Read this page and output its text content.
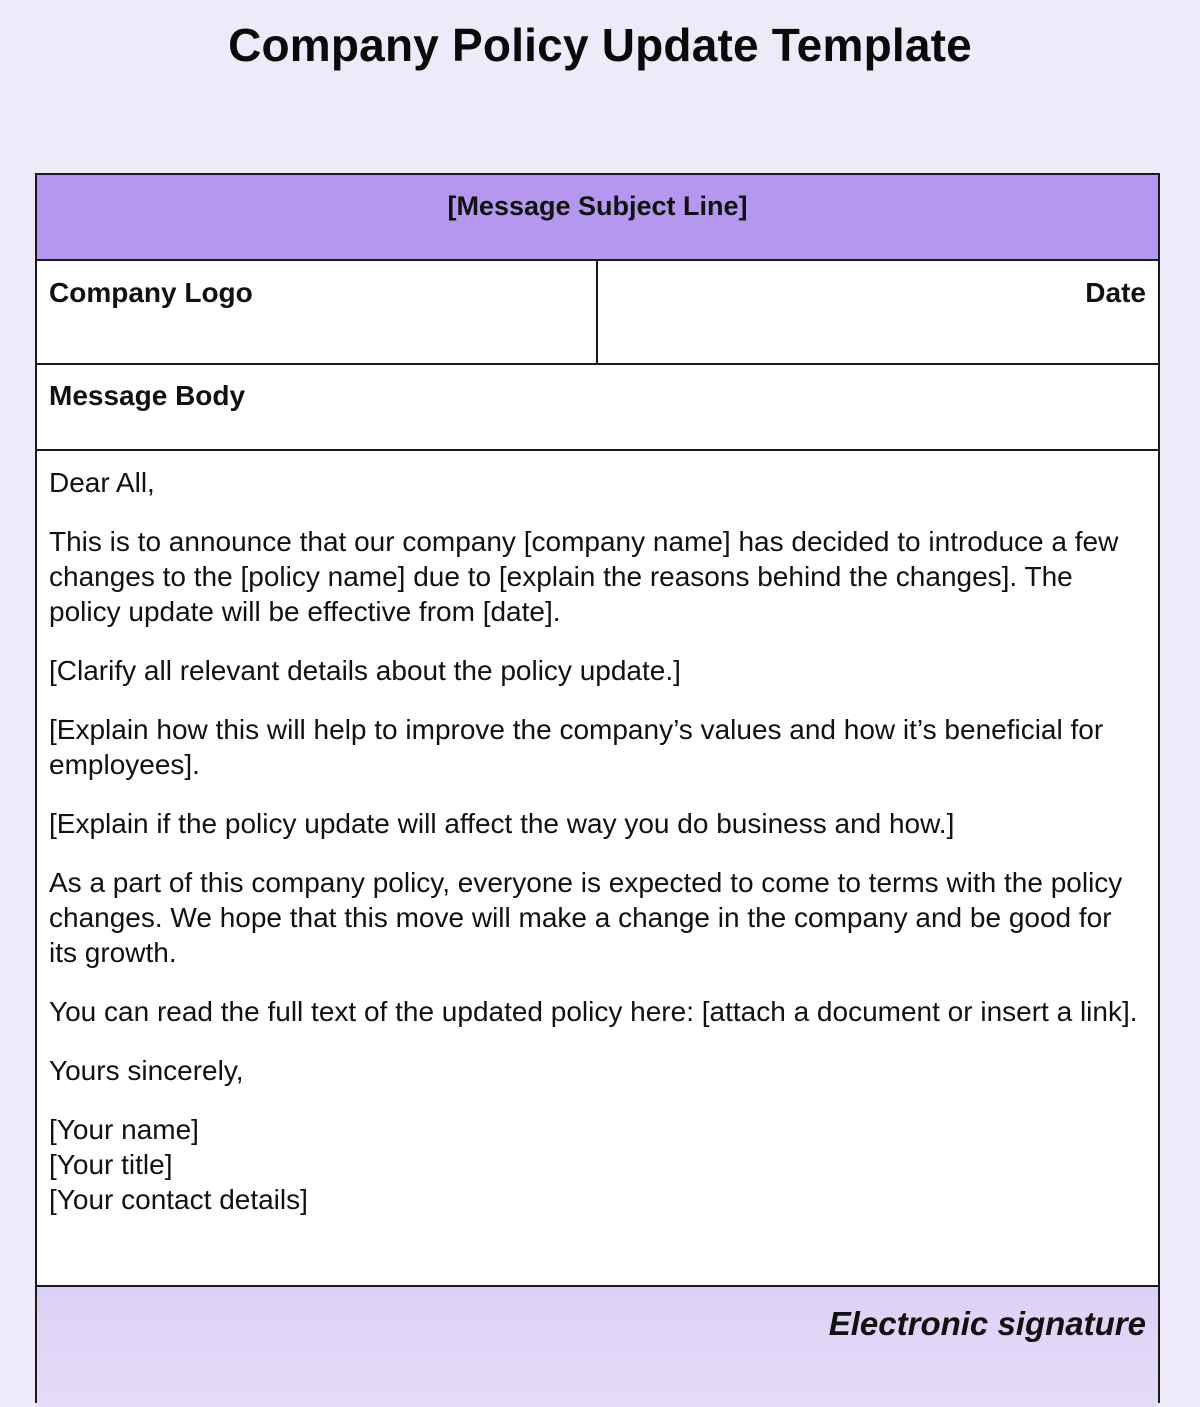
Company Policy Update Template
[Message Subject Line]
Company Logo	Date
Message Body

Dear All,

This is to announce that our company [company name] has decided to introduce a few changes to the [policy name] due to [explain the reasons behind the changes]. The policy update will be effective from [date].

[Clarify all relevant details about the policy update.]

[Explain how this will help to improve the company’s values and how it’s beneficial for employees].

[Explain if the policy update will affect the way you do business and how.]

As a part of this company policy, everyone is expected to come to terms with the policy changes. We hope that this move will make a change in the company and be good for its growth.

You can read the full text of the updated policy here: [attach a document or insert a link].

Yours sincerely,

[Your name]
[Your title]
[Your contact details]

Electronic signature
